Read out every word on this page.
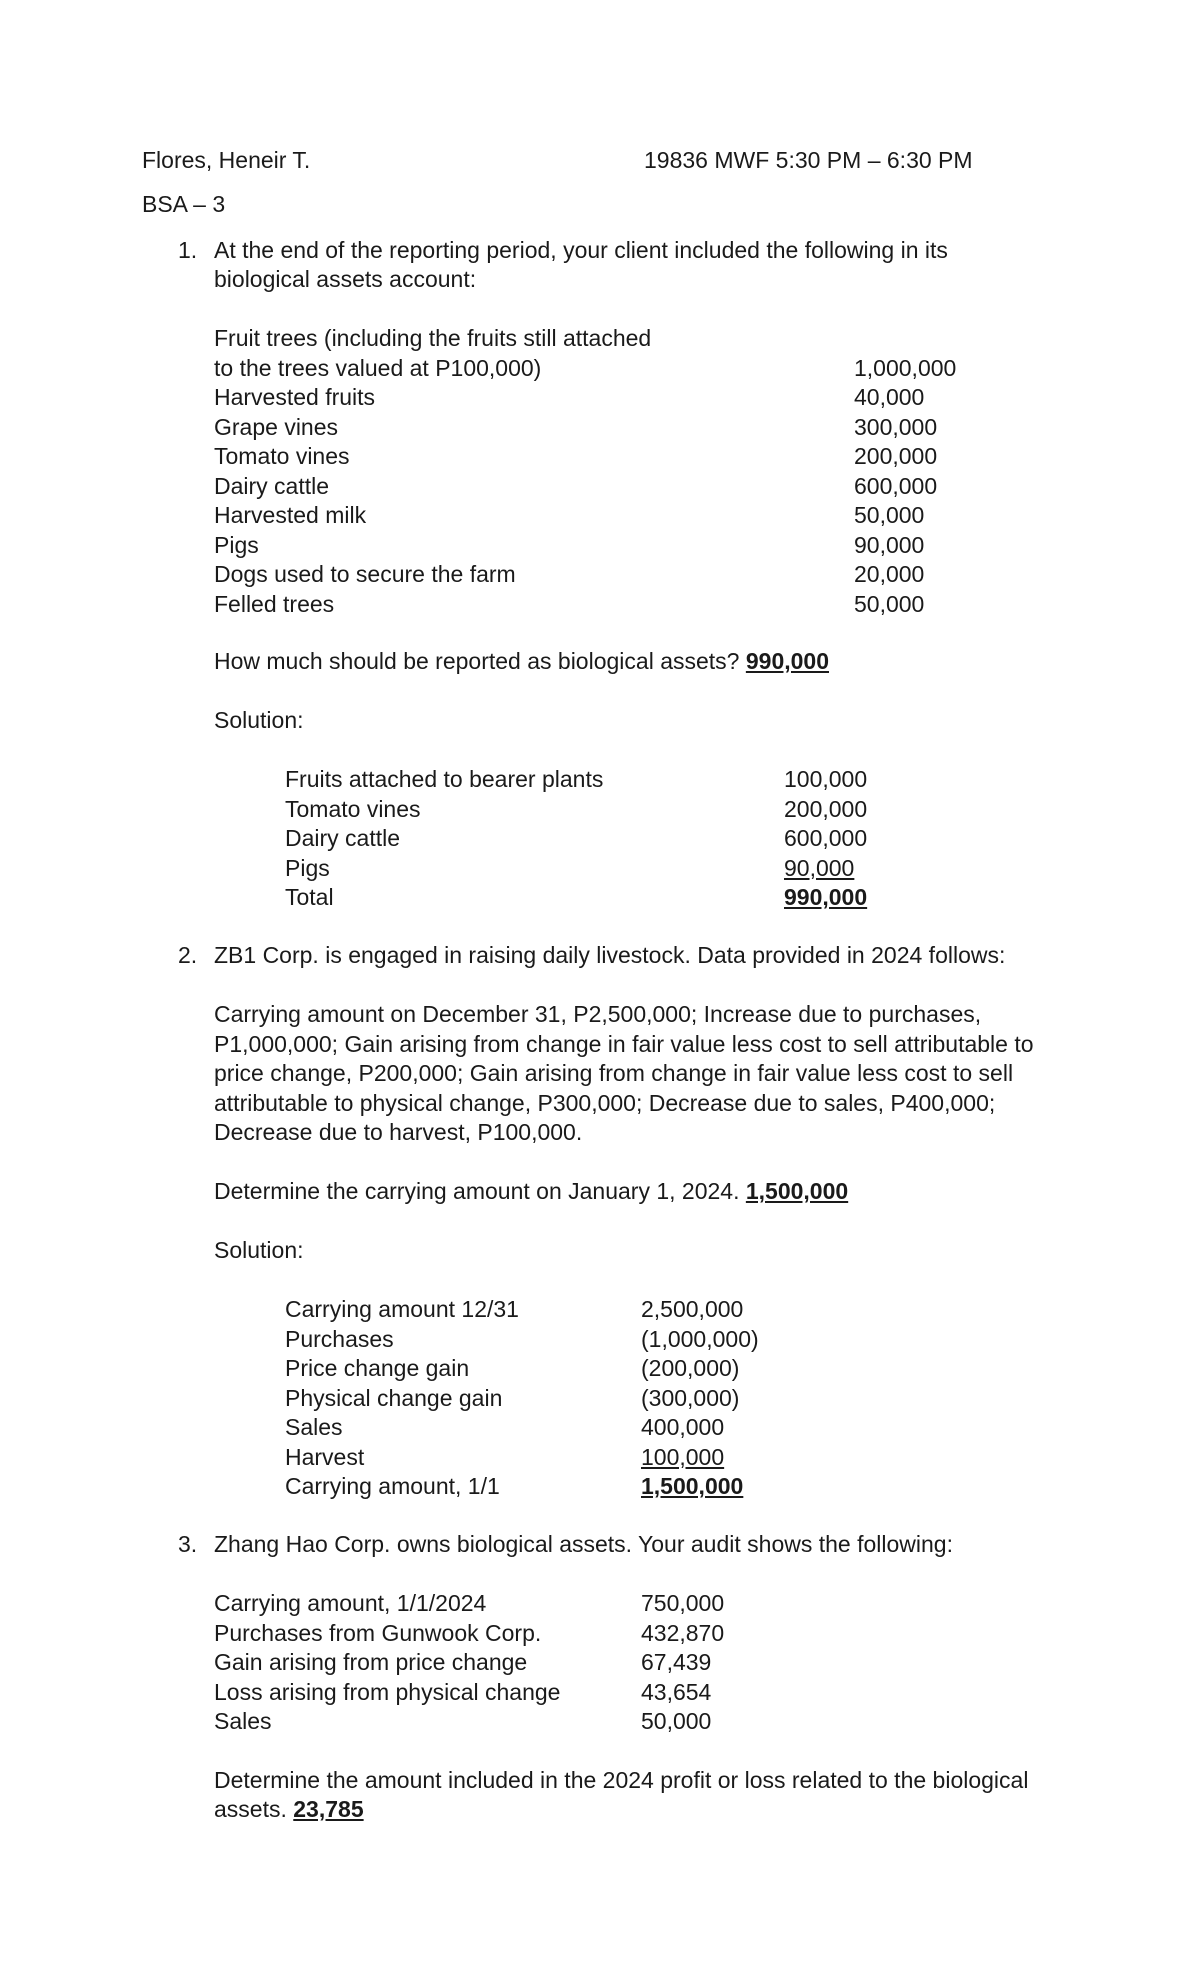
Flores, Heneir T.	19836 MWF 5:30 PM – 6:30 PM
BSA – 3
1. At the end of the reporting period, your client included the following in its
biological assets account:
Fruit trees (including the fruits still attached
to the trees valued at P100,000)	1,000,000
Harvested fruits	40,000
Grape vines	300,000
Tomato vines	200,000
Dairy cattle	600,000
Harvested milk	50,000
Pigs	90,000
Dogs used to secure the farm	20,000
Felled trees	50,000
How much should be reported as biological assets? 990,000
Solution:
Fruits attached to bearer plants	100,000
Tomato vines	200,000
Dairy cattle	600,000
Pigs	90,000
Total	990,000
2. ZB1 Corp. is engaged in raising daily livestock. Data provided in 2024 follows:
Carrying amount on December 31, P2,500,000; Increase due to purchases,
P1,000,000; Gain arising from change in fair value less cost to sell attributable to
price change, P200,000; Gain arising from change in fair value less cost to sell
attributable to physical change, P300,000; Decrease due to sales, P400,000;
Decrease due to harvest, P100,000.
Determine the carrying amount on January 1, 2024. 1,500,000
Solution:
Carrying amount 12/31	2,500,000
Purchases	(1,000,000)
Price change gain	(200,000)
Physical change gain	(300,000)
Sales	400,000
Harvest	100,000
Carrying amount, 1/1	1,500,000
3. Zhang Hao Corp. owns biological assets. Your audit shows the following:
Carrying amount, 1/1/2024	750,000
Purchases from Gunwook Corp.	432,870
Gain arising from price change	67,439
Loss arising from physical change	43,654
Sales	50,000
Determine the amount included in the 2024 profit or loss related to the biological
assets. 23,785
